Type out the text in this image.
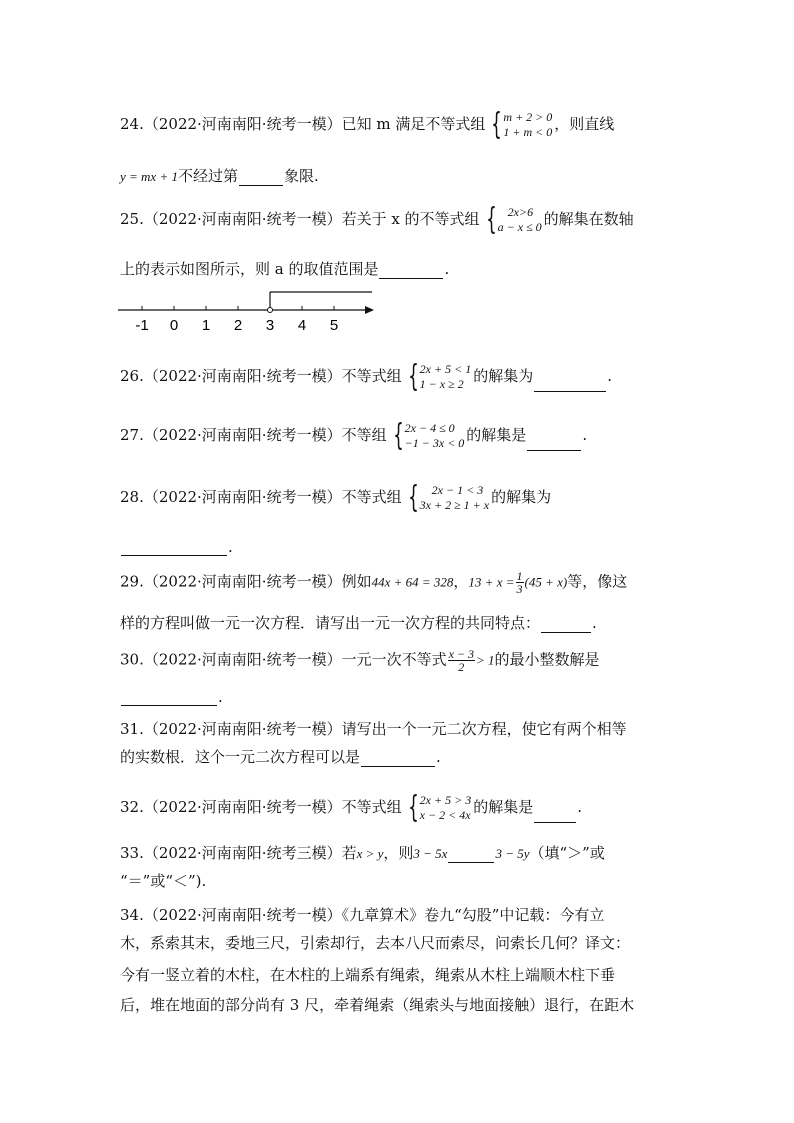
24.（2022·河南南阳·统考一模）已知 m 满足不等式组 { m + 2 > 0
1 + m < 0 ，则直线
y = mx + 1不经过第	象限.
25.（2022·河南南阳·统考一模）若关于 x 的不等式组 { 2x>6
a − x ≤ 0 的解集在数轴
上的表示如图所示，则 a 的取值范围是	.
-1 0 1 2 3 4 5
26.（2022·河南南阳·统考一模）不等式组 { 2x + 5 < 1
1 − x ≥ 2 的解集为	.
27.（2022·河南南阳·统考一模）不等组 { 2x − 4 ≤ 0
−1 − 3x < 0 的解集是	.
28.（2022·河南南阳·统考一模）不等式组 {	2x − 1 < 3
3x + 2 ≥ 1 + x 的解集为
.
29.（2022·河南南阳·统考一模）例如44x + 64 = 328，$13 + x = \frac{1}{3} (45 + x)$等，像这
样的方程叫做一元一次方程．请写出一元一次方程的共同特点：	.
30.（2022·河南南阳·统考一模）一元一次不等式 $\frac{x - 3}{2} > 1$的最小整数解是
.
31.（2022·河南南阳·统考一模）请写出一个一元二次方程，使它有两个相等
的实数根．这个一元二次方程可以是	.
32.（2022·河南南阳·统考一模）不等式组 { 2x + 5 > 3
x − 2 < 4x 的解集是	.
33.（2022·河南南阳·统考三模）若x > y，则3 − 5x	3 − 5y（填“＞”或
“＝”或“＜”).
34.（2022·河南南阳·统考一模）《九章算术》卷九“勾股”中记载：今有立
木，系索其末，委地三尺，引索却行，去本八尺而索尽，问索长几何？译文：
今有一竖立着的木柱，在木柱的上端系有绳索，绳索从木柱上端顺木柱下垂
后，堆在地面的部分尚有 3 尺，牵着绳索（绳索头与地面接触）退行，在距木
